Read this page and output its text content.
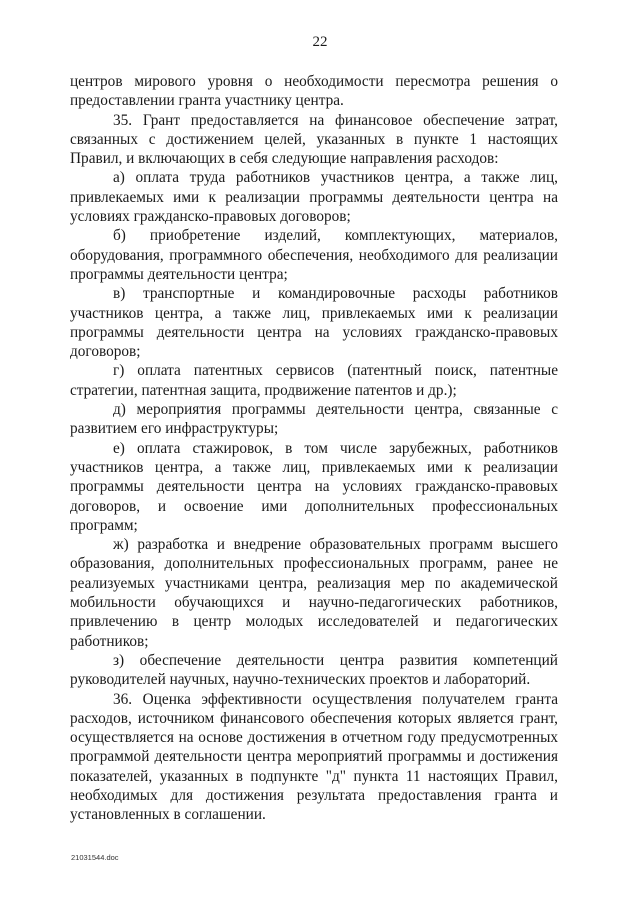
22

центров мирового уровня о необходимости пересмотра решения о предоставлении гранта участнику центра.

35. Грант предоставляется на финансовое обеспечение затрат, связанных с достижением целей, указанных в пункте 1 настоящих Правил, и включающих в себя следующие направления расходов:

а) оплата труда работников участников центра, а также лиц, привлекаемых ими к реализации программы деятельности центра на условиях гражданско-правовых договоров;

б) приобретение изделий, комплектующих, материалов, оборудования, программного обеспечения, необходимого для реализации программы деятельности центра;

в) транспортные и командировочные расходы работников участников центра, а также лиц, привлекаемых ими к реализации программы деятельности центра на условиях гражданско-правовых договоров;

г) оплата патентных сервисов (патентный поиск, патентные стратегии, патентная защита, продвижение патентов и др.);

д) мероприятия программы деятельности центра, связанные с развитием его инфраструктуры;

е) оплата стажировок, в том числе зарубежных, работников участников центра, а также лиц, привлекаемых ими к реализации программы деятельности центра на условиях гражданско-правовых договоров, и освоение ими дополнительных профессиональных программ;

ж) разработка и внедрение образовательных программ высшего образования, дополнительных профессиональных программ, ранее не реализуемых участниками центра, реализация мер по академической мобильности обучающихся и научно-педагогических работников, привлечению в центр молодых исследователей и педагогических работников;

з) обеспечение деятельности центра развития компетенций руководителей научных, научно-технических проектов и лабораторий.

36. Оценка эффективности осуществления получателем гранта расходов, источником финансового обеспечения которых является грант, осуществляется на основе достижения в отчетном году предусмотренных программой деятельности центра мероприятий программы и достижения показателей, указанных в подпункте "д" пункта 11 настоящих Правил, необходимых для достижения результата предоставления гранта и установленных в соглашении.

21031544.doc
